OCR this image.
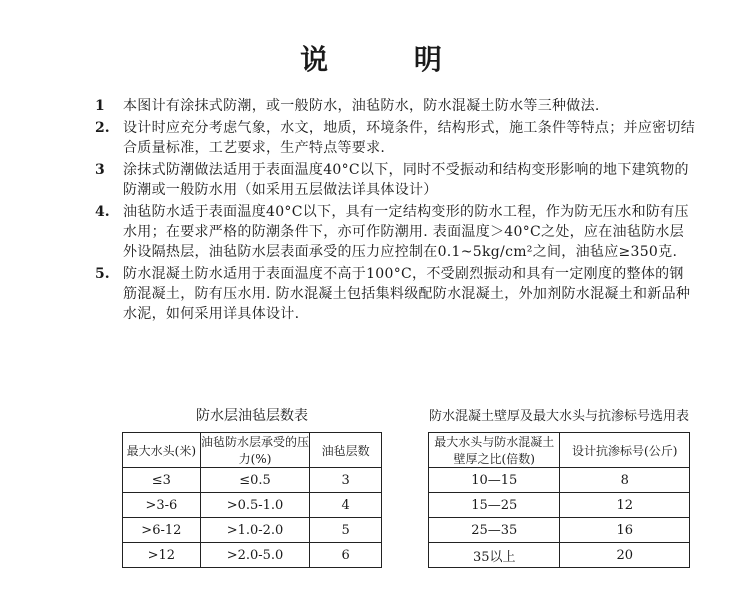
说 明
1	本图计有涂抹式防潮，或一般防水，油毡防水，防水混凝土防水等三种做法.
2. 设计时应充分考虑气象，水文，地质，环境条件，结构形式，施工条件等特点；并应密切结合质量标准，工艺要求，生产特点等要求.
3	涂抹式防潮做法适用于表面温度40°C以下，同时不受振动和结构变形影响的地下建筑物的防潮或一般防水用（如采用五层做法详具体设计）
4. 油毡防水适于表面温度40°C以下，具有一定结构变形的防水工程，作为防无压水和防有压水用；在要求严格的防潮条件下，亦可作防潮用. 表面温度＞40°C之处，应在油毡防水层外设隔热层，油毡防水层表面承受的压力应控制在0.1~5kg/cm²之间，油毡应≥350克.
5. 防水混凝土防水适用于表面温度不高于100°C，不受剧烈振动和具有一定刚度的整体的钢筋混凝土，防有压水用. 防水混凝土包括集料级配防水混凝土，外加剂防水混凝土和新品种水泥，如何采用详具体设计.
防水层油毡层数表
最大水头(米)	油毡防水层承受的压力(%)	油毡层数
≤3	≤0.5	3
>3-6	>0.5-1.0	4
>6-12	>1.0-2.0	5
>12	>2.0-5.0	6
防水混凝土壁厚及最大水头与抗渗标号选用表
最大水头与防水混凝土壁厚之比(倍数)	设计抗渗标号(公斤)
10—15	8
15—25	12
25—35	16
35以上	20
